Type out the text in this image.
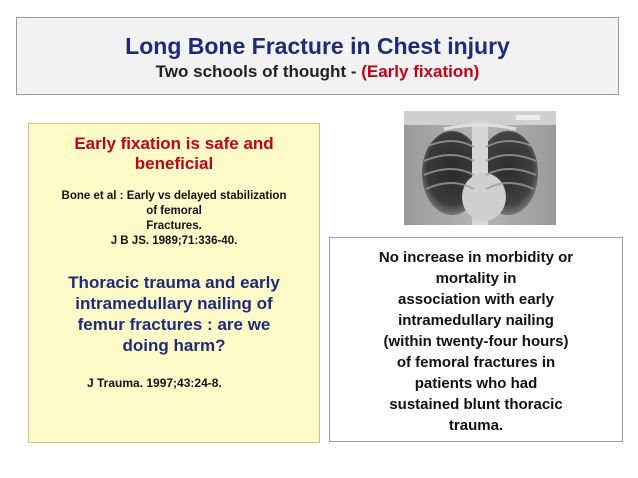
Long Bone Fracture in Chest injury
Two schools of thought - (Early fixation)
Early fixation is safe and
beneficial
Bone et al : Early vs delayed stabilization
of femoral
Fractures.
J B JS. 1989;71:336-40.
Thoracic trauma and early
intramedullary nailing of
femur fractures : are we
doing harm?
J Trauma. 1997;43:24-8.
No increase in morbidity or
mortality in
association with early
intramedullary nailing
(within twenty-four hours)
of femoral fractures in
patients who had
sustained blunt thoracic
trauma.
